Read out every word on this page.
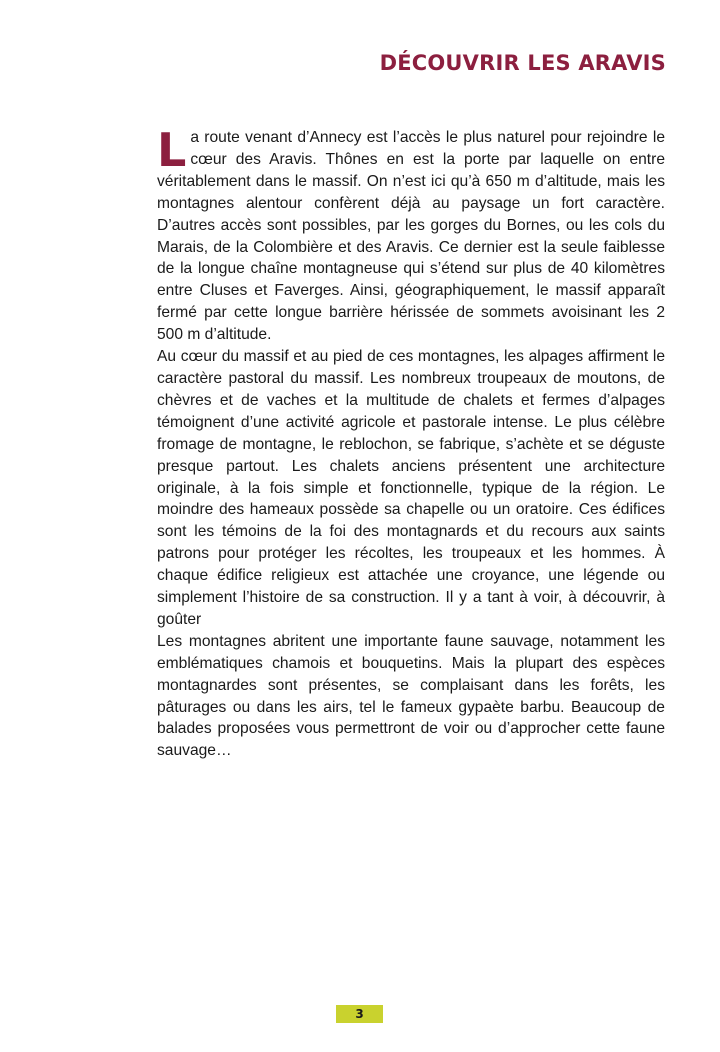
DÉCOUVRIR LES ARAVIS

La route venant d’Annecy est l’accès le plus naturel pour rejoindre le cœur des Aravis. Thônes en est la porte par laquelle on entre véritablement dans le massif. On n’est ici qu’à 650 m d’altitude, mais les montagnes alentour confèrent déjà au paysage un fort caractère. D’autres accès sont possibles, par les gorges du Bornes, ou les cols du Marais, de la Colombière et des Aravis. Ce dernier est la seule faiblesse de la longue chaîne montagneuse qui s’étend sur plus de 40 kilomètres entre Cluses et Faverges. Ainsi, géographiquement, le massif apparaît fermé par cette longue barrière hérissée de sommets avoisinant les 2 500 m d’altitude.

Au cœur du massif et au pied de ces montagnes, les alpages affirment le caractère pastoral du massif. Les nombreux troupeaux de moutons, de chèvres et de vaches et la multitude de chalets et fermes d’alpages témoignent d’une activité agricole et pastorale intense. Le plus célèbre fromage de montagne, le reblochon, se fabrique, s’achète et se déguste presque partout. Les chalets anciens présentent une architecture originale, à la fois simple et fonctionnelle, typique de la région. Le moindre des hameaux possède sa chapelle ou un oratoire. Ces édifices sont les témoins de la foi des montagnards et du recours aux saints patrons pour protéger les récoltes, les troupeaux et les hommes. À chaque édifice religieux est attachée une croyance, une légende ou simplement l’histoire de sa construction. Il y a tant à voir, à découvrir, à goûter

Les montagnes abritent une importante faune sauvage, notamment les emblématiques chamois et bouquetins. Mais la plupart des espèces montagnardes sont présentes, se complaisant dans les forêts, les pâturages ou dans les airs, tel le fameux gypaète barbu. Beaucoup de balades proposées vous permettront de voir ou d’approcher cette faune sauvage…

3
